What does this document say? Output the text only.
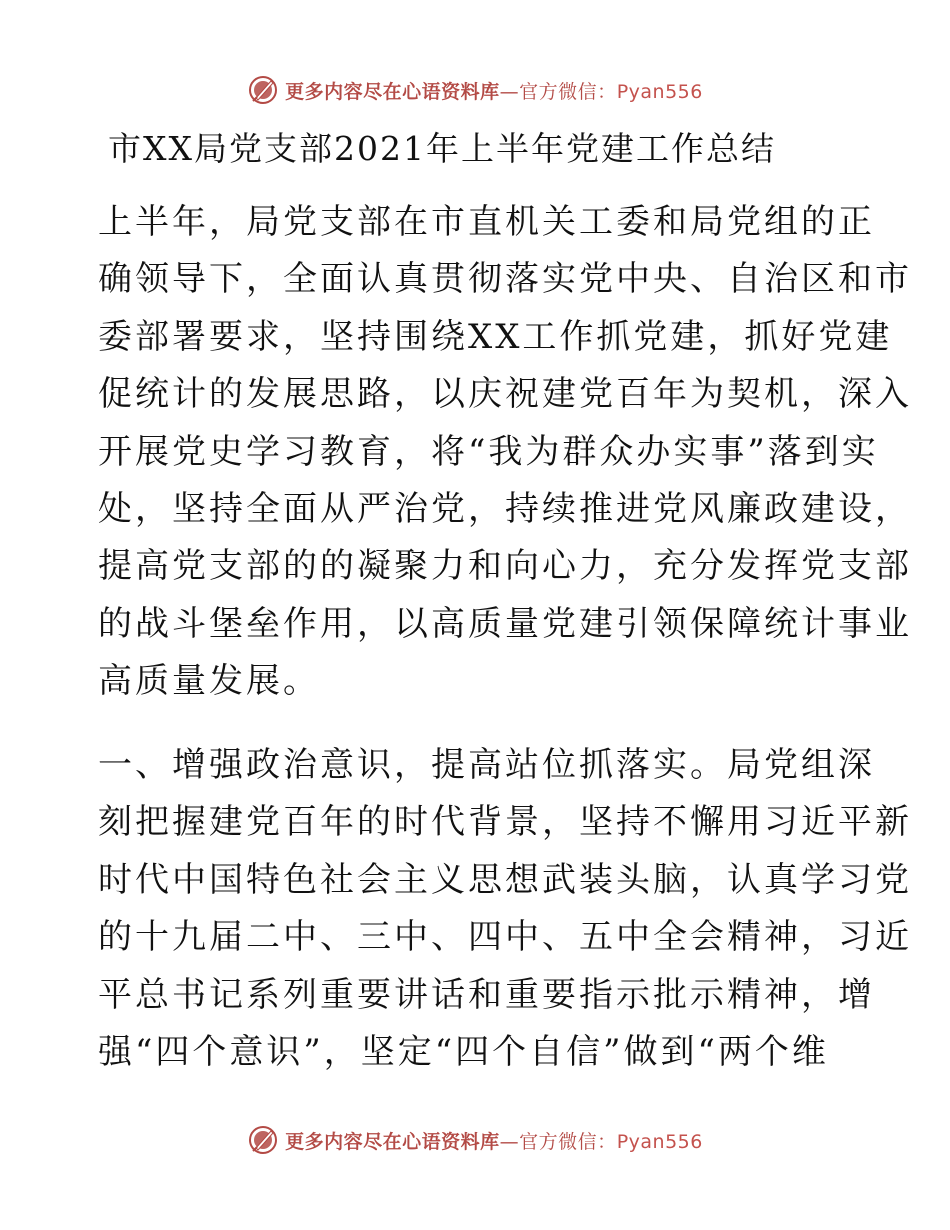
更多内容尽在心语资料库—官方微信：Pyan556
市XX局党支部2021年上半年党建工作总结
上半年，局党支部在市直机关工委和局党组的正
确领导下，全面认真贯彻落实党中央、自治区和市
委部署要求，坚持围绕XX工作抓党建，抓好党建
促统计的发展思路，以庆祝建党百年为契机，深入
开展党史学习教育，将“我为群众办实事”落到实
处，坚持全面从严治党，持续推进党风廉政建设，
提高党支部的的凝聚力和向心力，充分发挥党支部
的战斗堡垒作用，以高质量党建引领保障统计事业
高质量发展。
一、增强政治意识，提高站位抓落实。局党组深
刻把握建党百年的时代背景，坚持不懈用习近平新
时代中国特色社会主义思想武装头脑，认真学习党
的十九届二中、三中、四中、五中全会精神，习近
平总书记系列重要讲话和重要指示批示精神，增
强“四个意识”，坚定“四个自信”做到“两个维
更多内容尽在心语资料库—官方微信：Pyan556
